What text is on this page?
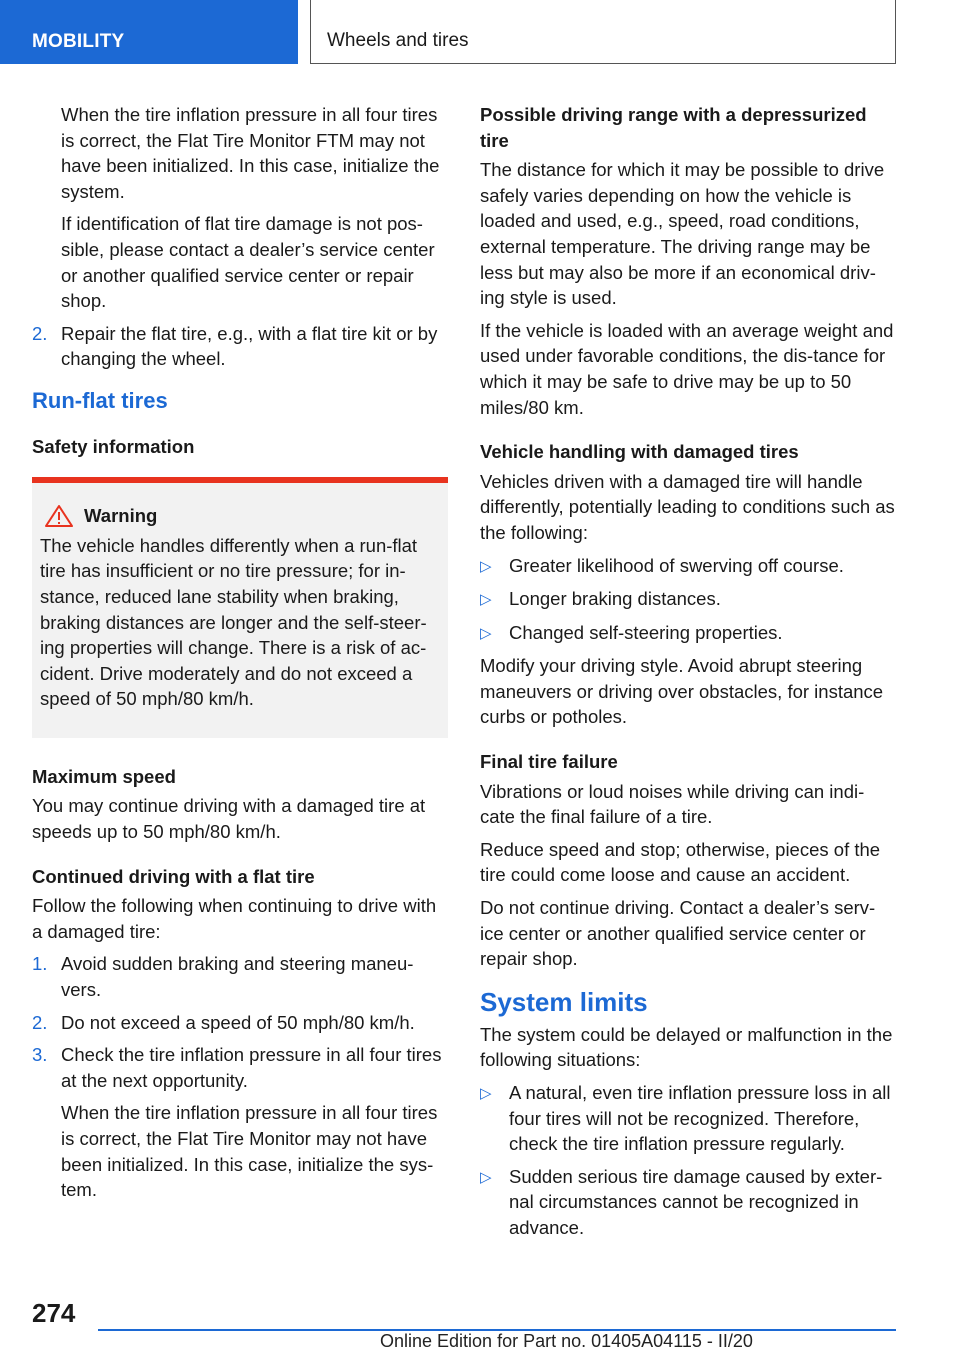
MOBILITY	Wheels and tires

When the tire inflation pressure in all four tires is correct, the Flat Tire Monitor FTM may not have been initialized. In this case, initialize the system.

If identification of flat tire damage is not pos-sible, please contact a dealer’s service center or another qualified service center or repair shop.

2. Repair the flat tire, e.g., with a flat tire kit or by changing the wheel.
Run-flat tires
Safety information
Warning
The vehicle handles differently when a run-flat tire has insufficient or no tire pressure; for in-stance, reduced lane stability when braking, braking distances are longer and the self-steer-ing properties will change. There is a risk of ac-cident. Drive moderately and do not exceed a speed of 50 mph/80 km/h.
Maximum speed

You may continue driving with a damaged tire at speeds up to 50 mph/80 km/h.

Continued driving with a flat tire

Follow the following when continuing to drive with a damaged tire:

1. Avoid sudden braking and steering maneu-vers.
2. Do not exceed a speed of 50 mph/80 km/h.
3. Check the tire inflation pressure in all four tires at the next opportunity.

When the tire inflation pressure in all four tires is correct, the Flat Tire Monitor may not have been initialized. In this case, initialize the sys-tem.

Possible driving range with a depressurized tire

The distance for which it may be possible to drive safely varies depending on how the vehicle is loaded and used, e.g., speed, road conditions, external temperature. The driving range may be less but may also be more if an economical driv-ing style is used.

If the vehicle is loaded with an average weight and used under favorable conditions, the dis-tance for which it may be safe to drive may be up to 50 miles/80 km.

Vehicle handling with damaged tires

Vehicles driven with a damaged tire will handle differently, potentially leading to conditions such as the following:

▷ Greater likelihood of swerving off course.
▷ Longer braking distances.
▷ Changed self-steering properties.

Modify your driving style. Avoid abrupt steering maneuvers or driving over obstacles, for instance curbs or potholes.

Final tire failure

Vibrations or loud noises while driving can indi-cate the final failure of a tire.

Reduce speed and stop; otherwise, pieces of the tire could come loose and cause an accident.

Do not continue driving. Contact a dealer’s serv-ice center or another qualified service center or repair shop.

System limits

The system could be delayed or malfunction in the following situations:

▷ A natural, even tire inflation pressure loss in all four tires will not be recognized. Therefore, check the tire inflation pressure regularly.
▷ Sudden serious tire damage caused by exter-nal circumstances cannot be recognized in advance.
274
Online Edition for Part no. 01405A04115 - II/20
